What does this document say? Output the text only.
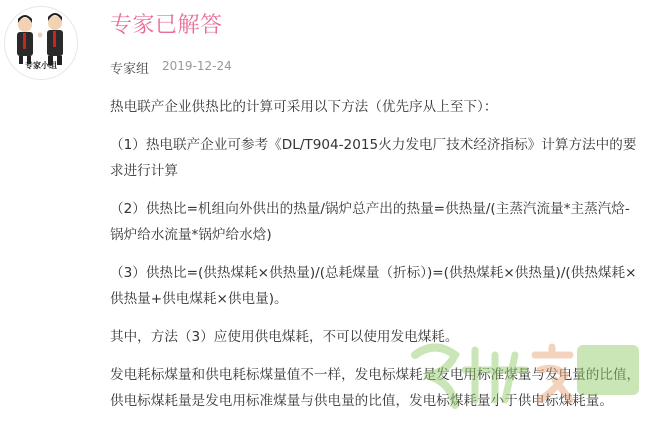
专家小组
专家已解答
专家组 2019-12-24

热电联产企业供热比的计算可采用以下方法（优先序从上至下）：

（1）热电联产企业可参考《DL/T904-2015火力发电厂技术经济指标》计算方法中的要求进行计算

（2）供热比=机组向外供出的热量/锅炉总产出的热量=供热量/(主蒸汽流量*主蒸汽焓-锅炉给水流量*锅炉给水焓)

（3）供热比=(供热煤耗×供热量)/(总耗煤量（折标）)=(供热煤耗×供热量)/(供热煤耗×供热量+供电煤耗×供电量)。

其中，方法（3）应使用供电煤耗，不可以使用发电煤耗。

发电耗标煤量和供电耗标煤量值不一样，发电标煤耗是发电用标准煤量与发电量的比值，供电标煤耗量是发电用标准煤量与供电量的比值，发电标煤耗量小于供电标煤耗量。
